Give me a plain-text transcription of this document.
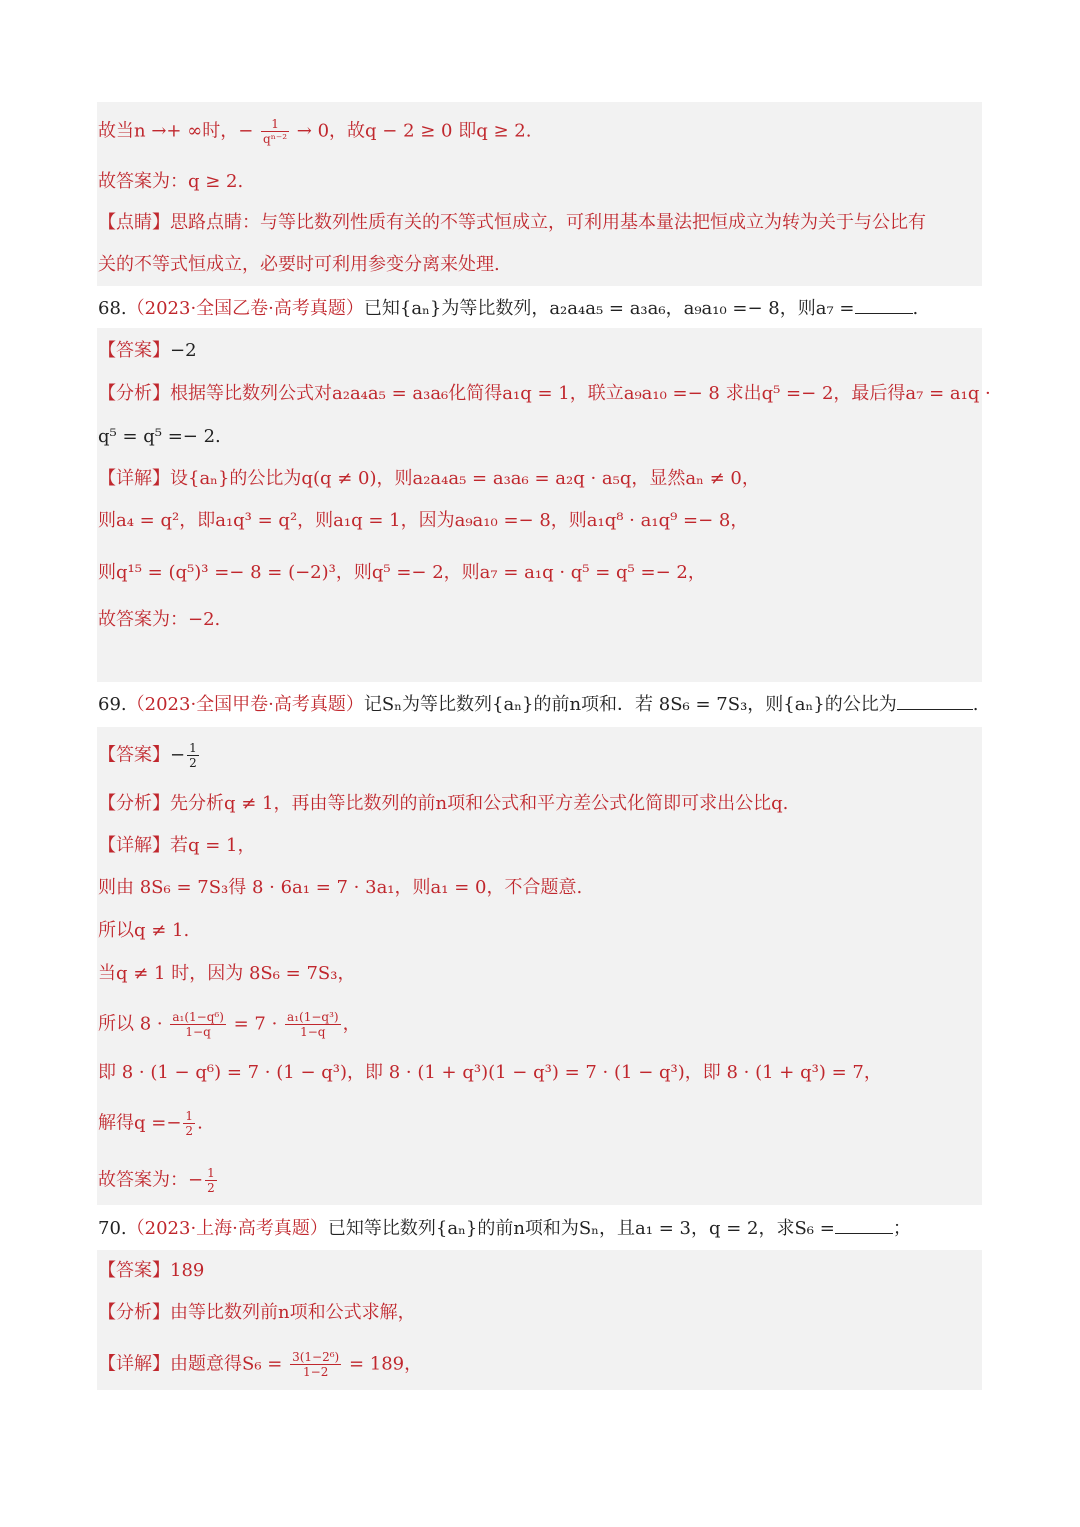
故当n →+ ∞时，− $\frac{1}{\text{qⁿ⁻²}} \to 0$，故q − 2 ≥ 0 即q ≥ 2.
故答案为：q ≥ 2.
【点睛】思路点睛：与等比数列性质有关的不等式恒成立，可利用基本量法把恒成立为转为关于与公比有
关的不等式恒成立，必要时可利用参变分离来处理.
68.（2023·全国乙卷·高考真题）已知{aₙ}为等比数列，a₂a₄a₅ = a₃a₆，a₉a₁₀ =− 8，则a₇ =	.
【答案】−2
【分析】根据等比数列公式对a₂a₄a₅ = a₃a₆化简得a₁q = 1，联立a₉a₁₀ =− 8 求出q⁵ =− 2，最后得a₇ = a₁q ·
q⁵ = q⁵ =− 2.
【详解】设{aₙ}的公比为q(q ≠ 0)，则a₂a₄a₅ = a₃a₆ = a₂q · a₅q，显然aₙ ≠ 0，
则a₄ = q²，即a₁q³ = q²，则a₁q = 1，因为a₉a₁₀ =− 8，则a₁q⁸ · a₁q⁹ =− 8，
则q¹⁵ = (q⁵)³ =− 8 = (−2)³，则q⁵ =− 2，则a₇ = a₁q · q⁵ = q⁵ =− 2，
故答案为：−2.
69.（2023·全国甲卷·高考真题）记Sₙ为等比数列{aₙ}的前n项和．若 8S₆ = 7S₃，则{aₙ}的公比为	.
【答案】− $\frac{1}{2}$
【分析】先分析q ≠ 1，再由等比数列的前n项和公式和平方差公式化简即可求出公比q.
【详解】若q = 1，
则由 8S₆ = 7S₃得 8 · 6a₁ = 7 · 3a₁，则a₁ = 0，不合题意.
所以q ≠ 1.
当q ≠ 1 时，因为 8S₆ = 7S₃，
所以 $8 \cdot \frac{\text{a₁(1−q⁶)}}{1-q} = 7 \cdot \frac{\text{a₁(1−q³)}}{1-q}$ ，
即 8 · (1 − q⁶) = 7 · (1 − q³)，即 8 · (1 + q³)(1 − q³) = 7 · (1 − q³)，即 8 · (1 + q³) = 7，
解得$q =- \frac{1}{2}$ .
故答案为：− $\frac{1}{2}$
70.（2023·上海·高考真题）已知等比数列{aₙ}的前n项和为Sₙ，且a₁ = 3，q = 2，求S₆ =	；
【答案】189
【分析】由等比数列前n项和公式求解，
【详解】由题意得$S_6 = \frac{\text{3(1−2⁶)}}{1-2} = 189$，
